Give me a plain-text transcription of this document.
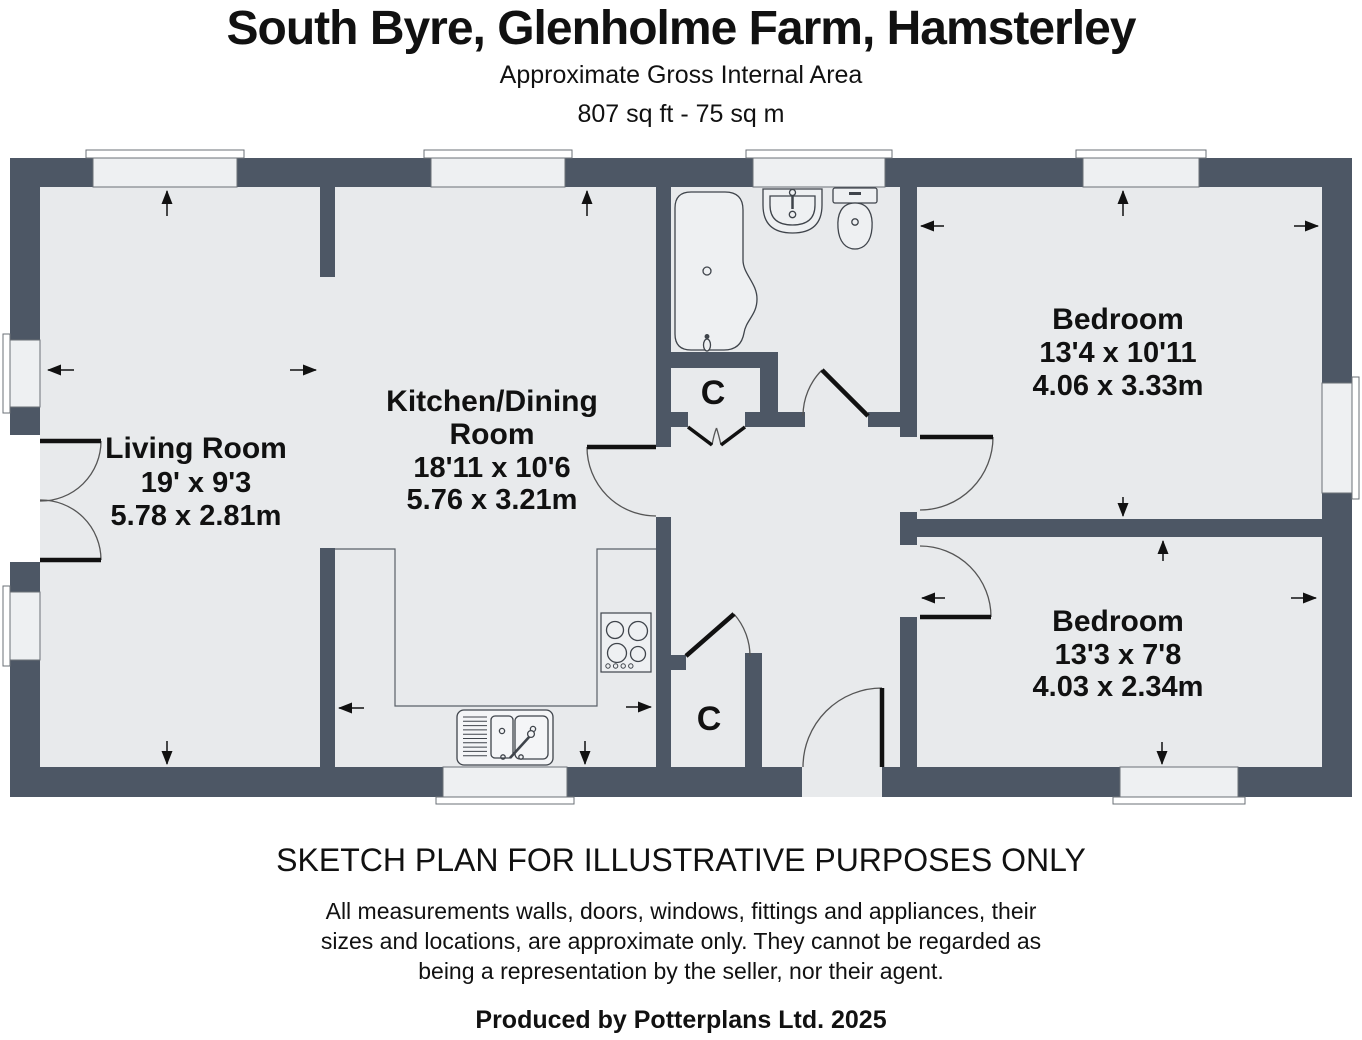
South Byre, Glenholme Farm, Hamsterley
Approximate Gross Internal Area
807 sq ft - 75 sq m
Living Room
19' x 9'3
5.78 x 2.81m
Kitchen/Dining
Room
18'11 x 10'6
5.76 x 3.21m
Bedroom
13'4 x 10'11
4.06 x 3.33m
Bedroom
13'3 x 7'8
4.03 x 2.34m
C
C
SKETCH PLAN FOR ILLUSTRATIVE PURPOSES ONLY
All measurements walls, doors, windows, fittings and appliances, their
sizes and locations, are approximate only. They cannot be regarded as
being a representation by the seller, nor their agent.
Produced by Potterplans Ltd. 2025
